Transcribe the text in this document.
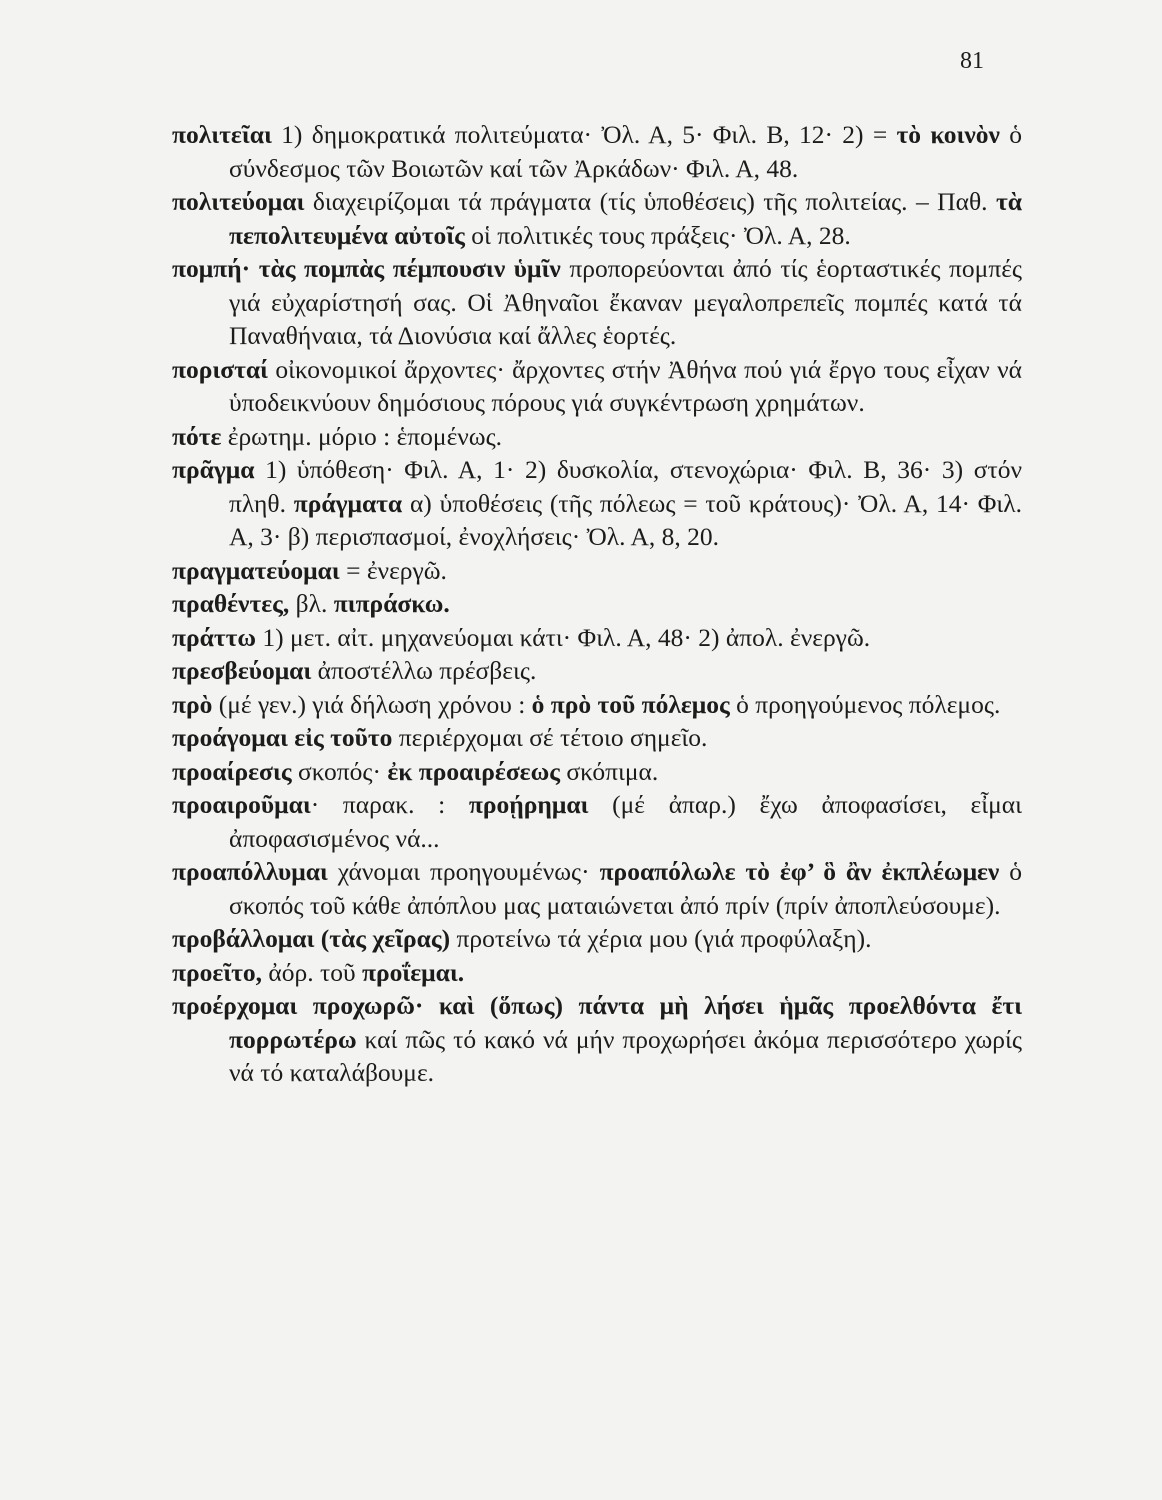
81

πολιτεῖαι 1) δημοκρατικά πολιτεύματα· Ὀλ. Α, 5· Φιλ. Β, 12· 2) = τὸ κοινὸν ὁ σύνδεσμος τῶν Βοιωτῶν καί τῶν Ἀρκάδων· Φιλ. Α, 48.

πολιτεύομαι διαχειρίζομαι τά πράγματα (τίς ὑποθέσεις) τῆς πολιτείας. – Παθ. τὰ πεπολιτευμένα αὐτοῖς οἱ πολιτικές τους πράξεις· Ὀλ. Α, 28.

πομπή· τὰς πομπὰς πέμπουσιν ὑμῖν προπορεύονται ἀπό τίς ἑορταστικές πομπές γιά εὐχαρίστησή σας. Οἱ Ἀθηναῖοι ἔκαναν μεγαλοπρεπεῖς πομπές κατά τά Παναθήναια, τά Διονύσια καί ἄλλες ἑορτές.

πορισταί οἰκονομικοί ἄρχοντες· ἄρχοντες στήν Ἀθήνα πού γιά ἔργο τους εἶχαν νά ὑποδεικνύουν δημόσιους πόρους γιά συγκέντρωση χρημάτων.

πότε ἐρωτημ. μόριο : ἑπομένως.

πρᾶγμα 1) ὑπόθεση· Φιλ. Α, 1· 2) δυσκολία, στενοχώρια· Φιλ. Β, 36· 3) στόν πληθ. πράγματα α) ὑποθέσεις (τῆς πόλεως = τοῦ κράτους)· Ὀλ. Α, 14· Φιλ. Α, 3· β) περισπασμοί, ἐνοχλήσεις· Ὀλ. Α, 8, 20.

πραγματεύομαι = ἐνεργῶ.

πραθέντες, βλ. πιπράσκω.

πράττω 1) μετ. αἰτ. μηχανεύομαι κάτι· Φιλ. Α, 48· 2) ἀπολ. ἐνεργῶ.

πρεσβεύομαι ἀποστέλλω πρέσβεις.

πρὸ (μέ γεν.) γιά δήλωση χρόνου : ὁ πρὸ τοῦ πόλεμος ὁ προηγούμενος πόλεμος.

προάγομαι εἰς τοῦτο περιέρχομαι σέ τέτοιο σημεῖο.

προαίρεσις σκοπός· ἐκ προαιρέσεως σκόπιμα.

προαιροῦμαι· παρακ. : προῄρημαι (μέ ἀπαρ.) ἔχω ἀποφασίσει, εἶμαι ἀποφασισμένος νά...

προαπόλλυμαι χάνομαι προηγουμένως· προαπόλωλε τὸ ἐφ’ ὃ ἂν ἐκπλέωμεν ὁ σκοπός τοῦ κάθε ἀπόπλου μας ματαιώνεται ἀπό πρίν (πρίν ἀποπλεύσουμε).

προβάλλομαι (τὰς χεῖρας) προτείνω τά χέρια μου (γιά προφύλαξη).

προεῖτο, ἀόρ. τοῦ προΐεμαι.

προέρχομαι προχωρῶ· καὶ (ὅπως) πάντα μὴ λήσει ἡμᾶς προελθόντα ἔτι πορρωτέρω καί πῶς τό κακό νά μήν προχωρήσει ἀκόμα περισσότερο χωρίς νά τό καταλάβουμε.
